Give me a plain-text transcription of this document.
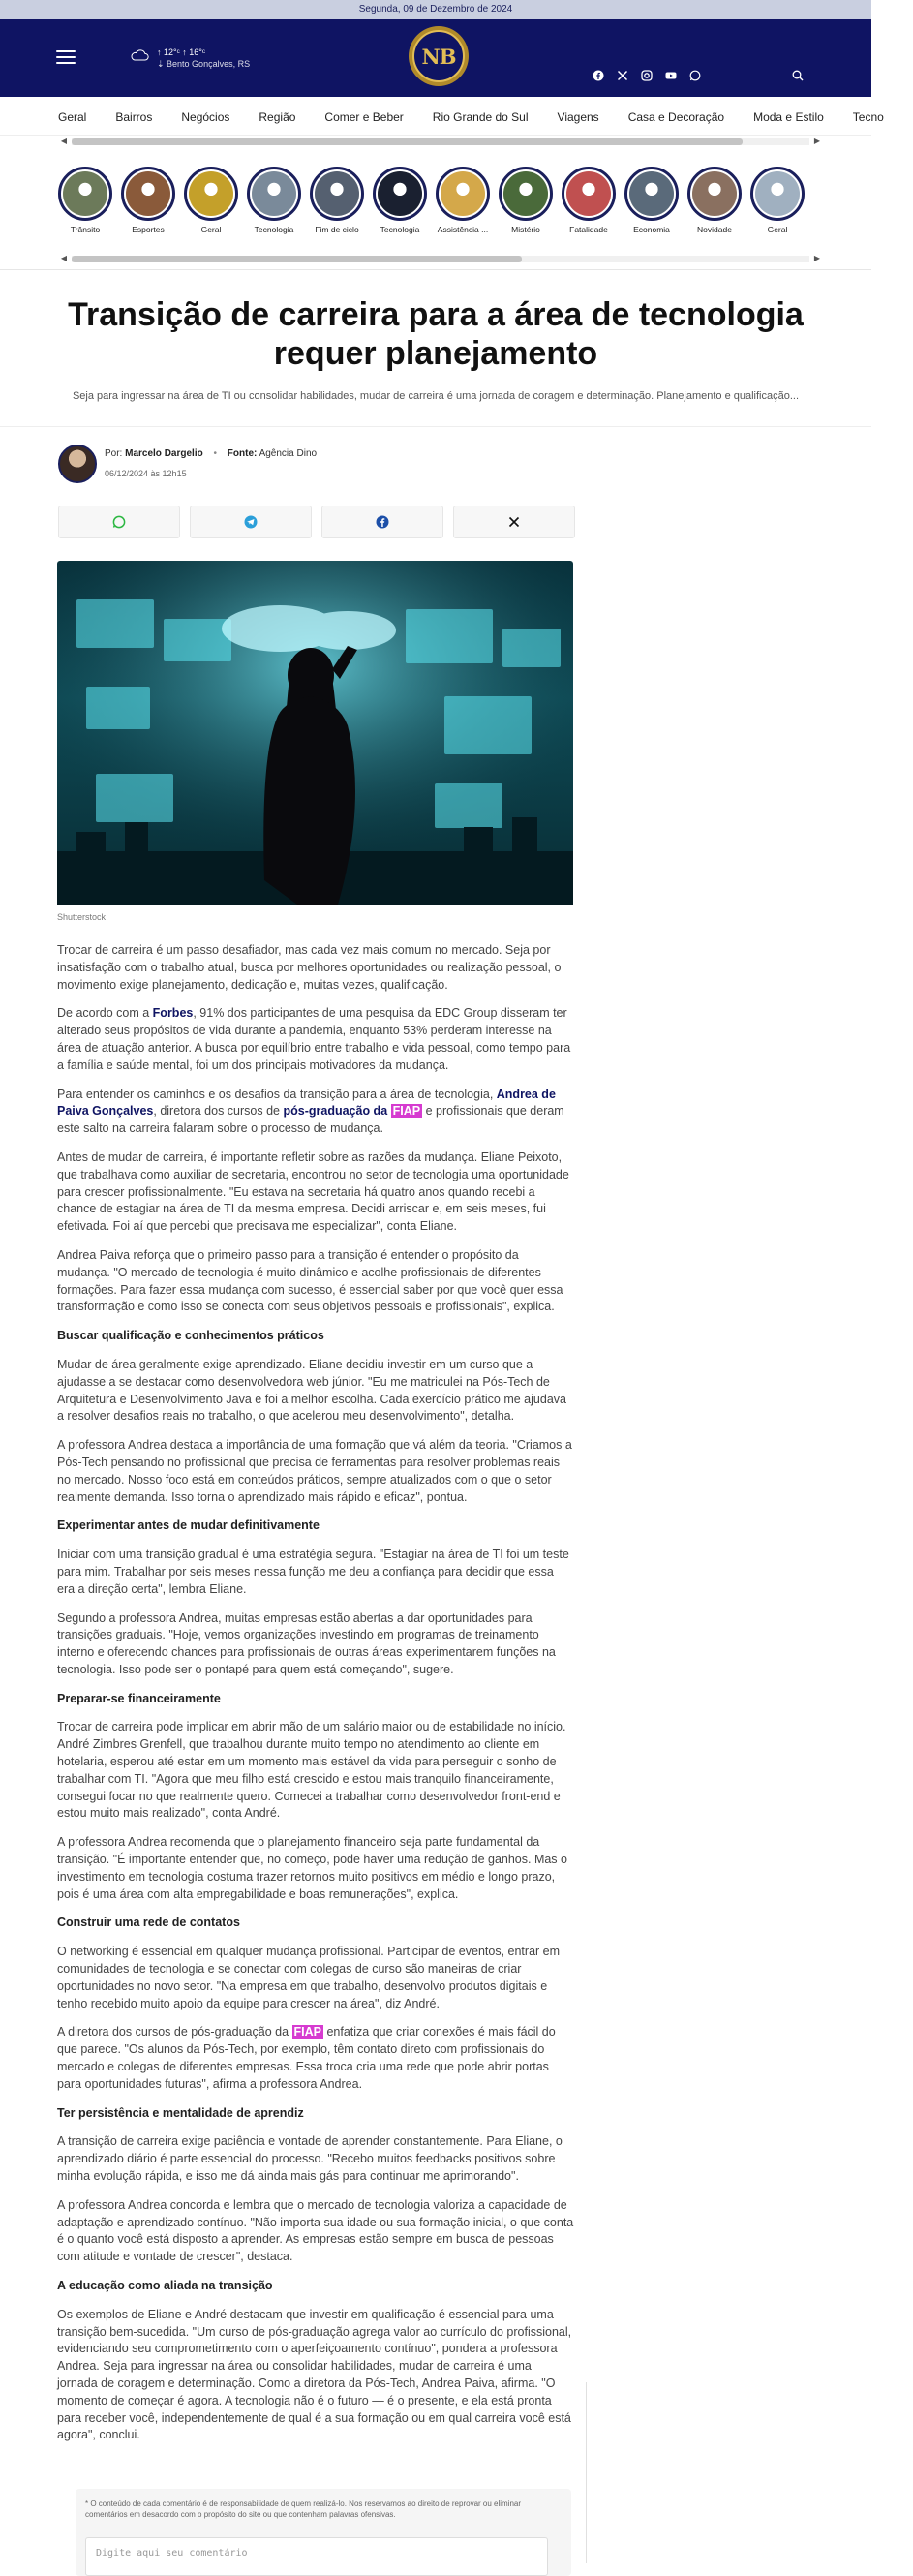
Segunda, 09 de Dezembro de 2024
↑ 12°ᶜ ↑ 16°ᶜ
⇣ Bento Gonçalves, RS	NB
Geral	Bairros	Negócios	Região	Comer e Beber	Rio Grande do Sul	Viagens	Casa e Decoração	Moda e Estilo	Tecno
◀	▶
Trânsito	Esportes	Geral	Tecnologia	Fim de ciclo	Tecnologia	Assistência ...	Mistério	Fatalidade	Economia	Novidade	Geral
◀	▶
Transição de carreira para a área de tecnologia requer planejamento
Seja para ingressar na área de TI ou consolidar habilidades, mudar de carreira é uma jornada de coragem e determinação. Planejamento e qualificação...
Por: Marcelo Dargelio • Fonte: Agência Dino
06/12/2024 às 12h15
Shutterstock

Trocar de carreira é um passo desafiador, mas cada vez mais comum no mercado. Seja por insatisfação com o trabalho atual, busca por melhores oportunidades ou realização pessoal, o movimento exige planejamento, dedicação e, muitas vezes, qualificação.

De acordo com a Forbes, 91% dos participantes de uma pesquisa da EDC Group disseram ter alterado seus propósitos de vida durante a pandemia, enquanto 53% perderam interesse na área de atuação anterior. A busca por equilíbrio entre trabalho e vida pessoal, como tempo para a família e saúde mental, foi um dos principais motivadores da mudança.

Para entender os caminhos e os desafios da transição para a área de tecnologia, Andrea de Paiva Gonçalves, diretora dos cursos de pós-graduação da FIAP e profissionais que deram este salto na carreira falaram sobre o processo de mudança.

Antes de mudar de carreira, é importante refletir sobre as razões da mudança. Eliane Peixoto, que trabalhava como auxiliar de secretaria, encontrou no setor de tecnologia uma oportunidade para crescer profissionalmente. "Eu estava na secretaria há quatro anos quando recebi a chance de estagiar na área de TI da mesma empresa. Decidi arriscar e, em seis meses, fui efetivada. Foi aí que percebi que precisava me especializar", conta Eliane.

Andrea Paiva reforça que o primeiro passo para a transição é entender o propósito da mudança. "O mercado de tecnologia é muito dinâmico e acolhe profissionais de diferentes formações. Para fazer essa mudança com sucesso, é essencial saber por que você quer essa transformação e como isso se conecta com seus objetivos pessoais e profissionais", explica.

Buscar qualificação e conhecimentos práticos

Mudar de área geralmente exige aprendizado. Eliane decidiu investir em um curso que a ajudasse a se destacar como desenvolvedora web júnior. "Eu me matriculei na Pós-Tech de Arquitetura e Desenvolvimento Java e foi a melhor escolha. Cada exercício prático me ajudava a resolver desafios reais no trabalho, o que acelerou meu desenvolvimento", detalha.

A professora Andrea destaca a importância de uma formação que vá além da teoria. "Criamos a Pós-Tech pensando no profissional que precisa de ferramentas para resolver problemas reais no mercado. Nosso foco está em conteúdos práticos, sempre atualizados com o que o setor realmente demanda. Isso torna o aprendizado mais rápido e eficaz", pontua.

Experimentar antes de mudar definitivamente

Iniciar com uma transição gradual é uma estratégia segura. "Estagiar na área de TI foi um teste para mim. Trabalhar por seis meses nessa função me deu a confiança para decidir que essa era a direção certa", lembra Eliane.

Segundo a professora Andrea, muitas empresas estão abertas a dar oportunidades para transições graduais. "Hoje, vemos organizações investindo em programas de treinamento interno e oferecendo chances para profissionais de outras áreas experimentarem funções na tecnologia. Isso pode ser o pontapé para quem está começando", sugere.

Preparar-se financeiramente

Trocar de carreira pode implicar em abrir mão de um salário maior ou de estabilidade no início. André Zimbres Grenfell, que trabalhou durante muito tempo no atendimento ao cliente em hotelaria, esperou até estar em um momento mais estável da vida para perseguir o sonho de trabalhar com TI. "Agora que meu filho está crescido e estou mais tranquilo financeiramente, consegui focar no que realmente quero. Comecei a trabalhar como desenvolvedor front-end e estou muito mais realizado", conta André.

A professora Andrea recomenda que o planejamento financeiro seja parte fundamental da transição. "É importante entender que, no começo, pode haver uma redução de ganhos. Mas o investimento em tecnologia costuma trazer retornos muito positivos em médio e longo prazo, pois é uma área com alta empregabilidade e boas remunerações", explica.

Construir uma rede de contatos

O networking é essencial em qualquer mudança profissional. Participar de eventos, entrar em comunidades de tecnologia e se conectar com colegas de curso são maneiras de criar oportunidades no novo setor. "Na empresa em que trabalho, desenvolvo produtos digitais e tenho recebido muito apoio da equipe para crescer na área", diz André.

A diretora dos cursos de pós-graduação da FIAP enfatiza que criar conexões é mais fácil do que parece. "Os alunos da Pós-Tech, por exemplo, têm contato direto com profissionais do mercado e colegas de diferentes empresas. Essa troca cria uma rede que pode abrir portas para oportunidades futuras", afirma a professora Andrea.

Ter persistência e mentalidade de aprendiz

A transição de carreira exige paciência e vontade de aprender constantemente. Para Eliane, o aprendizado diário é parte essencial do processo. "Recebo muitos feedbacks positivos sobre minha evolução rápida, e isso me dá ainda mais gás para continuar me aprimorando".

A professora Andrea concorda e lembra que o mercado de tecnologia valoriza a capacidade de adaptação e aprendizado contínuo. "Não importa sua idade ou sua formação inicial, o que conta é o quanto você está disposto a aprender. As empresas estão sempre em busca de pessoas com atitude e vontade de crescer", destaca.

A educação como aliada na transição

Os exemplos de Eliane e André destacam que investir em qualificação é essencial para uma transição bem-sucedida. "Um curso de pós-graduação agrega valor ao currículo do profissional, evidenciando seu comprometimento com o aperfeiçoamento contínuo", pondera a professora Andrea. Seja para ingressar na área ou consolidar habilidades, mudar de carreira é uma jornada de coragem e determinação. Como a diretora da Pós-Tech, Andrea Paiva, afirma. "O momento de começar é agora. A tecnologia não é o futuro — é o presente, e ela está pronta para receber você, independentemente de qual é a sua formação ou em qual carreira você está agora", conclui.

* O conteúdo de cada comentário é de responsabilidade de quem realizá-lo. Nos reservamos ao direito de reprovar ou eliminar comentários em desacordo com o propósito do site ou que contenham palavras ofensivas.
Digite aqui seu comentário
